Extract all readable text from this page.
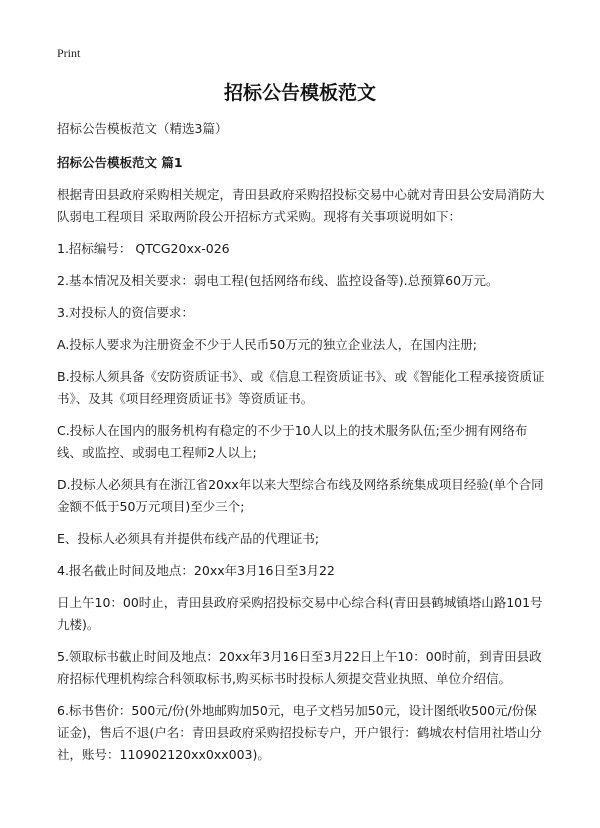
Print
招标公告模板范文

招标公告模板范文（精选3篇）

招标公告模板范文 篇1

根据青田县政府采购相关规定，青田县政府采购招投标交易中心就对青田县公安局消防大队弱电工程项目 采取两阶段公开招标方式采购。现将有关事项说明如下：

1.招标编号： QTCG20xx-026

2.基本情况及相关要求：弱电工程(包括网络布线、监控设备等).总预算60万元。

3.对投标人的资信要求：

A.投标人要求为注册资金不少于人民币50万元的独立企业法人，在国内注册;

B.投标人须具备《安防资质证书》、或《信息工程资质证书》、或《智能化工程承接资质证书》、及其《项目经理资质证书》等资质证书。

C.投标人在国内的服务机构有稳定的不少于10人以上的技术服务队伍;至少拥有网络布线、或监控、或弱电工程师2人以上;

D.投标人必须具有在浙江省20xx年以来大型综合布线及网络系统集成项目经验(单个合同金额不低于50万元项目)至少三个;

E、投标人必须具有并提供布线产品的代理证书;

4.报名截止时间及地点：20xx年3月16日至3月22

日上午10：00时止，青田县政府采购招投标交易中心综合科(青田县鹤城镇塔山路101号九楼)。

5.领取标书截止时间及地点：20xx年3月16日至3月22日上午10：00时前，到青田县政府招标代理机构综合科领取标书,购买标书时投标人须提交营业执照、单位介绍信。

6.标书售价：500元/份(外地邮购加50元，电子文档另加50元，设计图纸收500元/份保证金)，售后不退(户名：青田县政府采购招投标专户，开户银行：鹤城农村信用社塔山分社，账号：110902120xx0xx003)。
